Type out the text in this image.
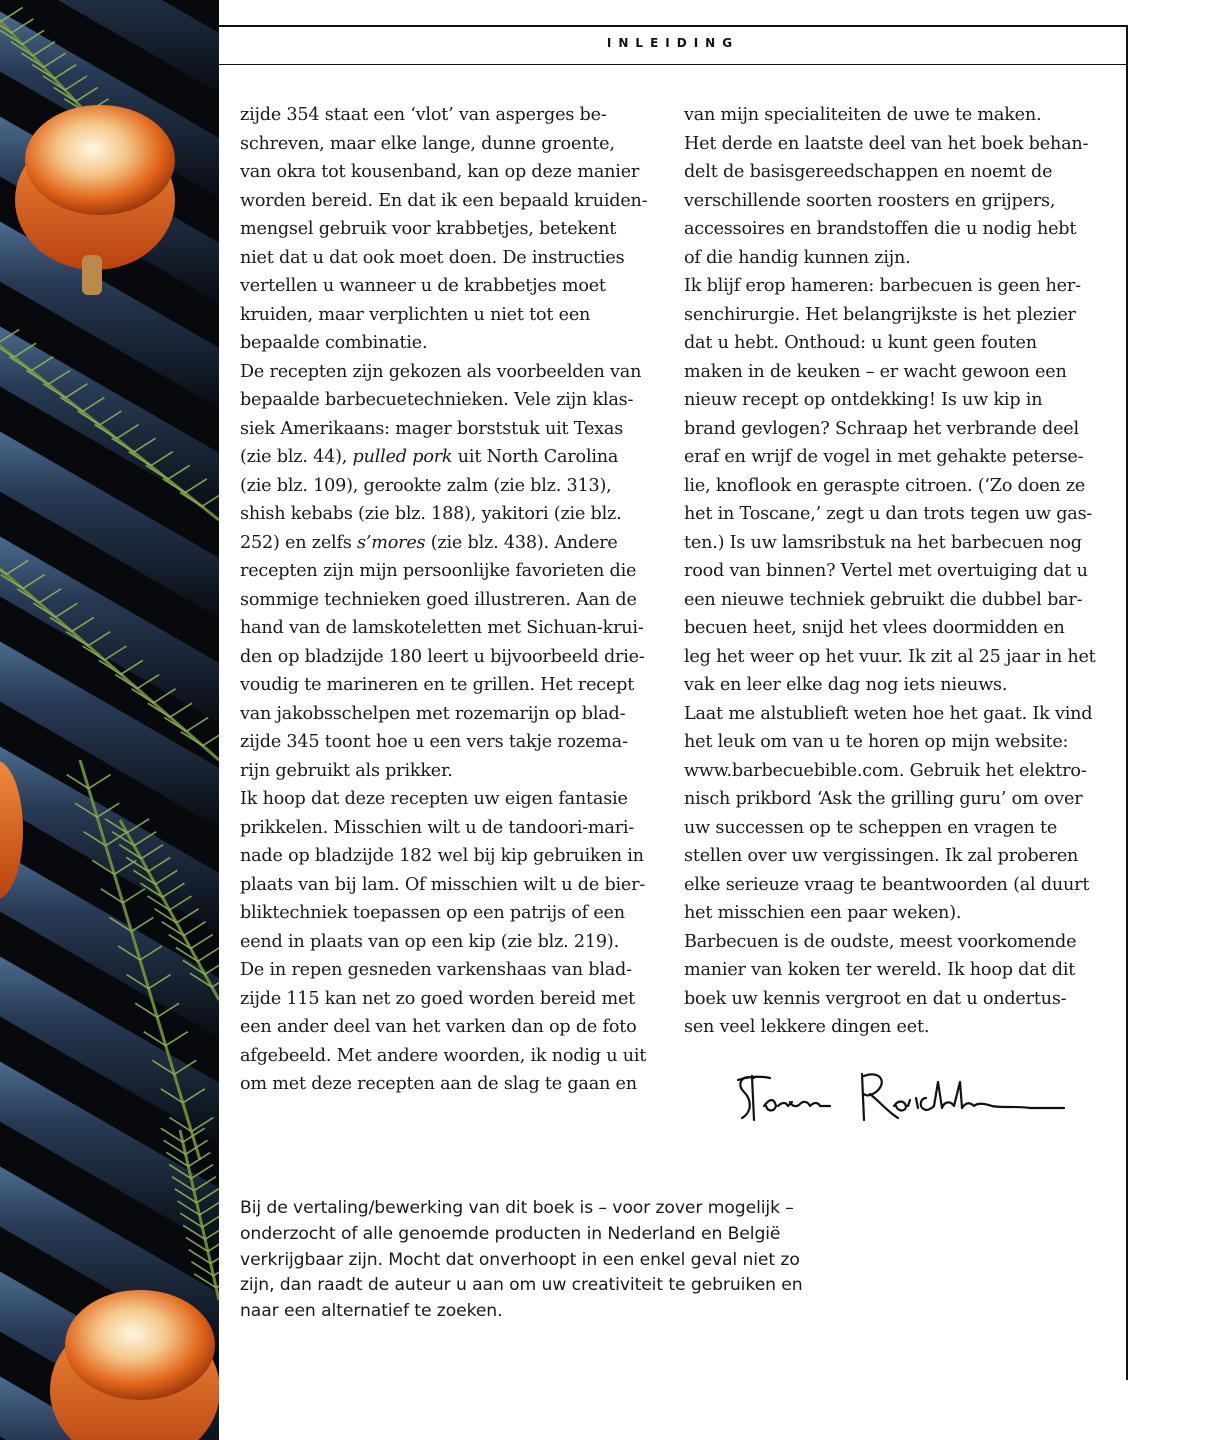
INLEIDING
zijde 354 staat een ‘vlot’ van asperges be-
schreven, maar elke lange, dunne groente,
van okra tot kousenband, kan op deze manier
worden bereid. En dat ik een bepaald kruiden-
mengsel gebruik voor krabbetjes, betekent
niet dat u dat ook moet doen. De instructies
vertellen u wanneer u de krabbetjes moet
kruiden, maar verplichten u niet tot een
bepaalde combinatie.
De recepten zijn gekozen als voorbeelden van
bepaalde barbecuetechnieken. Vele zijn klas-
siek Amerikaans: mager borststuk uit Texas
(zie blz. 44), pulled pork uit North Carolina
(zie blz. 109), gerookte zalm (zie blz. 313),
shish kebabs (zie blz. 188), yakitori (zie blz.
252) en zelfs s’mores (zie blz. 438). Andere
recepten zijn mijn persoonlijke favorieten die
sommige technieken goed illustreren. Aan de
hand van de lamskoteletten met Sichuan-krui-
den op bladzijde 180 leert u bijvoorbeeld drie-
voudig te marineren en te grillen. Het recept
van jakobsschelpen met rozemarijn op blad-
zijde 345 toont hoe u een vers takje rozema-
rijn gebruikt als prikker.
Ik hoop dat deze recepten uw eigen fantasie
prikkelen. Misschien wilt u de tandoori-mari-
nade op bladzijde 182 wel bij kip gebruiken in
plaats van bij lam. Of misschien wilt u de bier-
bliktechniek toepassen op een patrijs of een
eend in plaats van op een kip (zie blz. 219).
De in repen gesneden varkenshaas van blad-
zijde 115 kan net zo goed worden bereid met
een ander deel van het varken dan op de foto
afgebeeld. Met andere woorden, ik nodig u uit
om met deze recepten aan de slag te gaan en
van mijn specialiteiten de uwe te maken.
Het derde en laatste deel van het boek behan-
delt de basisgereedschappen en noemt de
verschillende soorten roosters en grijpers,
accessoires en brandstoffen die u nodig hebt
of die handig kunnen zijn.
Ik blijf erop hameren: barbecuen is geen her-
senchirurgie. Het belangrijkste is het plezier
dat u hebt. Onthoud: u kunt geen fouten
maken in de keuken – er wacht gewoon een
nieuw recept op ontdekking! Is uw kip in
brand gevlogen? Schraap het verbrande deel
eraf en wrijf de vogel in met gehakte peterse-
lie, knoflook en geraspte citroen. (‘Zo doen ze
het in Toscane,’ zegt u dan trots tegen uw gas-
ten.) Is uw lamsribstuk na het barbecuen nog
rood van binnen? Vertel met overtuiging dat u
een nieuwe techniek gebruikt die dubbel bar-
becuen heet, snijd het vlees doormidden en
leg het weer op het vuur. Ik zit al 25 jaar in het
vak en leer elke dag nog iets nieuws.
Laat me alstublieft weten hoe het gaat. Ik vind
het leuk om van u te horen op mijn website:
www.barbecuebible.com. Gebruik het elektro-
nisch prikbord ‘Ask the grilling guru’ om over
uw successen op te scheppen en vragen te
stellen over uw vergissingen. Ik zal proberen
elke serieuze vraag te beantwoorden (al duurt
het misschien een paar weken).
Barbecuen is de oudste, meest voorkomende
manier van koken ter wereld. Ik hoop dat dit
boek uw kennis vergroot en dat u ondertus-
sen veel lekkere dingen eet.
Bij de vertaling/bewerking van dit boek is – voor zover mogelijk –
onderzocht of alle genoemde producten in Nederland en België
verkrijgbaar zijn. Mocht dat onverhoopt in een enkel geval niet zo
zijn, dan raadt de auteur u aan om uw creativiteit te gebruiken en
naar een alternatief te zoeken.
